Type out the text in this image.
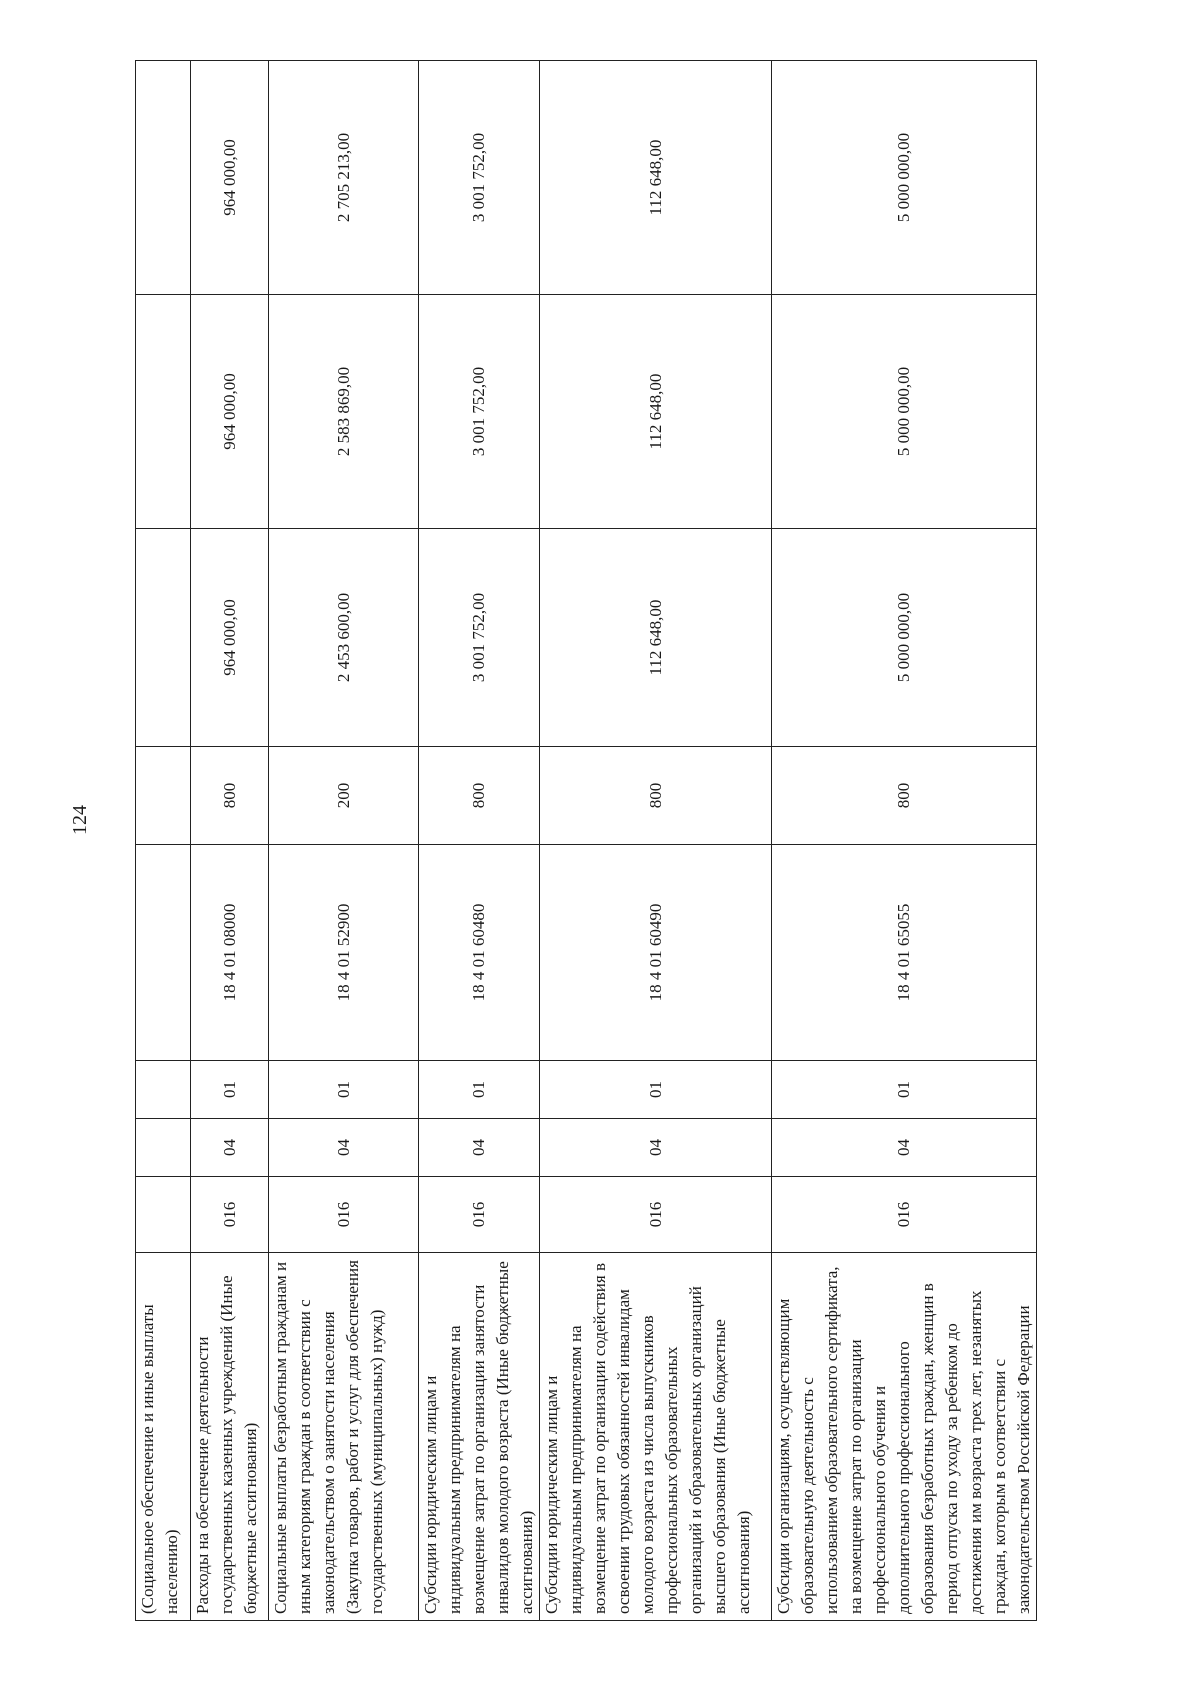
124
(Социальное обеспечение и иные выплаты населению)								
Расходы на обеспечение деятельности государственных казенных учреждений (Иные бюджетные ассигнования)	016	04	01	18 4 01 08000	800	964 000,00	964 000,00	964 000,00
Социальные выплаты безработным гражданам и иным категориям граждан в соответствии с законодательством о занятости населения (Закупка товаров, работ и услуг для обеспечения государственных (муниципальных) нужд)	016	04	01	18 4 01 52900	200	2 453 600,00	2 583 869,00	2 705 213,00
Субсидии юридическим лицам и индивидуальным предпринимателям на возмещение затрат по организации занятости инвалидов молодого возраста (Иные бюджетные ассигнования)	016	04	01	18 4 01 60480	800	3 001 752,00	3 001 752,00	3 001 752,00
Субсидии юридическим лицам и индивидуальным предпринимателям на возмещение затрат по организации содействия в освоении трудовых обязанностей инвалидам молодого возраста из числа выпускников профессиональных образовательных организаций и образовательных организаций высшего образования (Иные бюджетные ассигнования)	016	04	01	18 4 01 60490	800	112 648,00	112 648,00	112 648,00
Субсидии организациям, осуществляющим образовательную деятельность с использованием образовательного сертификата, на возмещение затрат по организации профессионального обучения и дополнительного профессионального образования безработных граждан, женщин в период отпуска по уходу за ребенком до достижения им возраста трех лет, незанятых граждан, которым в соответствии с законодательством Российской Федерации	016	04	01	18 4 01 65055	800	5 000 000,00	5 000 000,00	5 000 000,00
